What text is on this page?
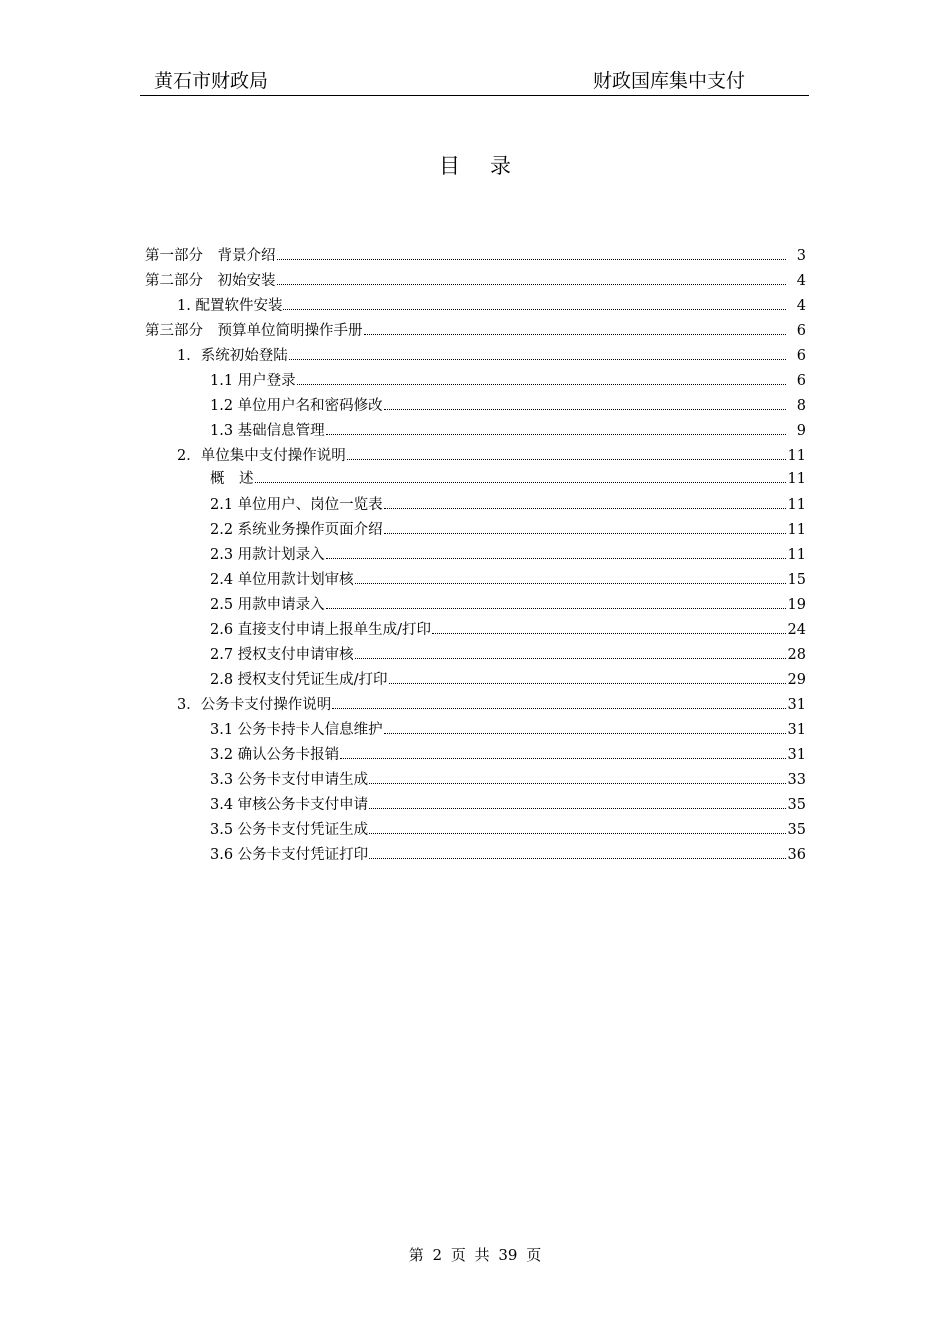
黄石市财政局	财政国库集中支付
目录
第一部分　背景介绍	3
第二部分　初始安装	4
1. 配置软件安装	4
第三部分　预算单位简明操作手册	6
1．系统初始登陆	6
1.1 用户登录	6
1.2 单位用户名和密码修改	8
1.3 基础信息管理	9
2．单位集中支付操作说明	11
概　述	11
2.1 单位用户、岗位一览表	11
2.2 系统业务操作页面介绍	11
2.3 用款计划录入	11
2.4 单位用款计划审核	15
2.5 用款申请录入	19
2.6 直接支付申请上报单生成/打印	24
2.7 授权支付申请审核	28
2.8 授权支付凭证生成/打印	29
3．公务卡支付操作说明	31
3.1 公务卡持卡人信息维护	31
3.2 确认公务卡报销	31
3.3 公务卡支付申请生成	33
3.4 审核公务卡支付申请	35
3.5 公务卡支付凭证生成	35
3.6 公务卡支付凭证打印	36
第 2 页 共 39 页
